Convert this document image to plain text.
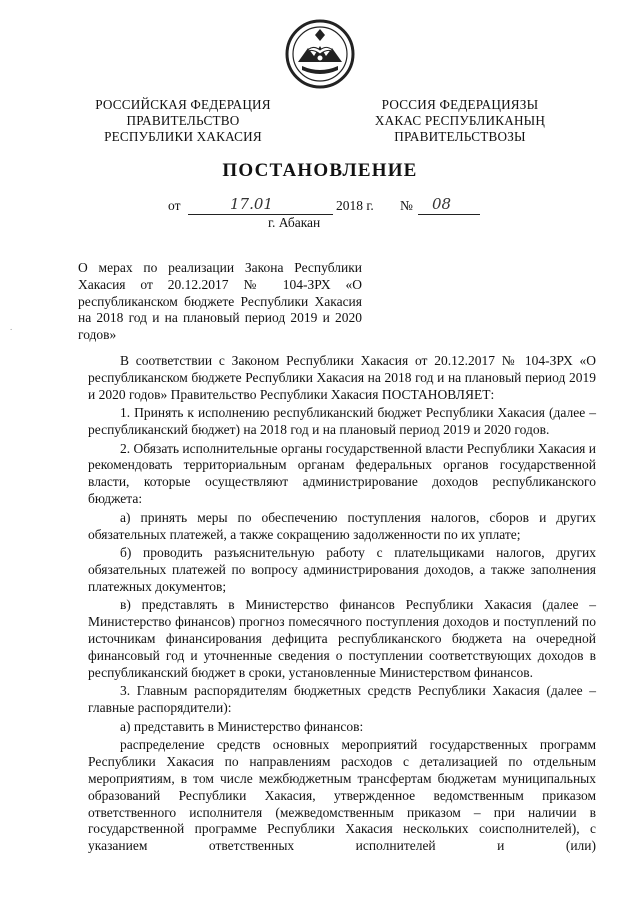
РОССИЙСКАЯ ФЕДЕРАЦИЯ
ПРАВИТЕЛЬСТВО
РЕСПУБЛИКИ ХАКАСИЯ
РОССИЯ ФЕДЕРАЦИЯЗЫ
ХАКАС РЕСПУБЛИКАНЫҢ
ПРАВИТЕЛЬСТВОЗЫ
ПОСТАНОВЛЕНИЕ
от	17.01	2018 г. № 08
г. Абакан
.
О мерах по реализации Закона Республики Хакасия от 20.12.2017 № 104-ЗРХ «О республиканском бюджете Республики Хакасия на 2018 год и на плановый период 2019 и 2020 годов»

В соответствии с Законом Республики Хакасия от 20.12.2017 № 104-ЗРХ «О республиканском бюджете Республики Хакасия на 2018 год и на плановый период 2019 и 2020 годов» Правительство Республики Хакасия ПОСТАНОВЛЯЕТ:

1. Принять к исполнению республиканский бюджет Республики Хакасия (далее – республиканский бюджет) на 2018 год и на плановый период 2019 и 2020 годов.

2. Обязать исполнительные органы государственной власти Республики Хакасия и рекомендовать территориальным органам федеральных органов государственной власти, которые осуществляют администрирование доходов республиканского бюджета:

а) принять меры по обеспечению поступления налогов, сборов и других обязательных платежей, а также сокращению задолженности по их уплате;

б) проводить разъяснительную работу с плательщиками налогов, других обязательных платежей по вопросу администрирования доходов, а также заполнения платежных документов;

в) представлять в Министерство финансов Республики Хакасия (далее – Министерство финансов) прогноз помесячного поступления доходов и поступлений по источникам финансирования дефицита республиканского бюджета на очередной финансовый год и уточненные сведения о поступлении соответствующих доходов в республиканский бюджет в сроки, установленные Министерством финансов.

3. Главным распорядителям бюджетных средств Республики Хакасия (далее – главные распорядители):

а) представить в Министерство финансов:

распределение средств основных мероприятий государственных программ Республики Хакасия по направлениям расходов с детализацией по отдельным мероприятиям, в том числе межбюджетным трансфертам бюджетам муниципальных образований Республики Хакасия, утвержденное ведомственным приказом ответственного исполнителя (межведомственным приказом – при наличии в государственной программе Республики Хакасия нескольких соисполнителей), с указанием ответственных исполнителей и (или)
